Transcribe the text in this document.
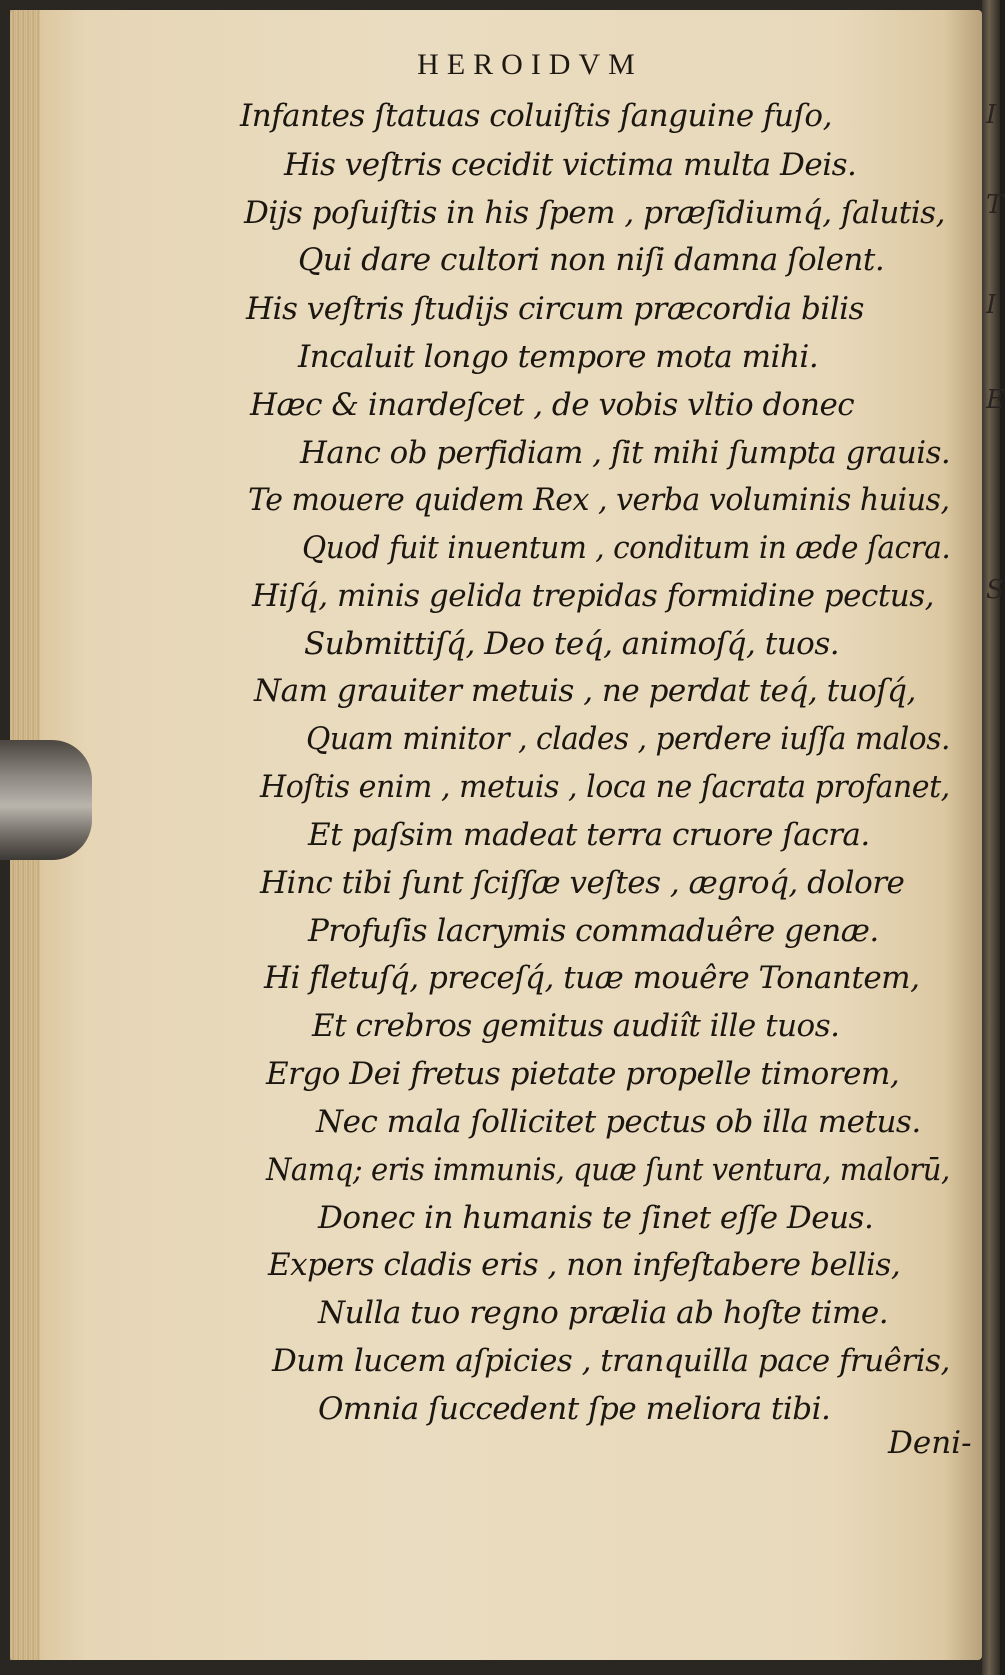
I
T
I
E
S
HEROIDVM
Infantes ſtatuas coluiſtis ſanguine fuſo,
His veſtris cecidit victima multa Deis.
Dijs poſuiſtis in his ſpem , præſidiumq́, ſalutis,
Qui dare cultori non niſi damna ſolent.
His veſtris ſtudijs circum præcordia bilis
Incaluit longo tempore mota mihi.
Hæc & inardeſcet , de vobis vltio donec
Hanc ob perfidiam , ſit mihi ſumpta grauis.
Te mouere quidem Rex , verba voluminis huius,
Quod fuit inuentum , conditum in æde ſacra.
Hiſq́, minis gelida trepidas formidine pectus,
Submittiſq́, Deo teq́, animoſq́, tuos.
Nam grauiter metuis , ne perdat teq́, tuoſq́,
Quam minitor , clades , perdere iuſſa malos.
Hoſtis enim , metuis , loca ne ſacrata profanet,
Et paſsim madeat terra cruore ſacra.
Hinc tibi ſunt ſciſſæ veſtes , ægroq́, dolore
Profuſis lacrymis commaduêre genæ.
Hi fletuſq́, preceſq́, tuæ mouêre Tonantem,
Et crebros gemitus audiît ille tuos.
Ergo Dei fretus pietate propelle timorem,
Nec mala ſollicitet pectus ob illa metus.
Namq; eris immunis, quæ ſunt ventura, malorū,
Donec in humanis te ſinet eſſe Deus.
Expers cladis eris , non infeſtabere bellis,
Nulla tuo regno prælia ab hoſte time.
Dum lucem aſpicies , tranquilla pace fruêris,
Omnia ſuccedent ſpe meliora tibi.
Deni-
